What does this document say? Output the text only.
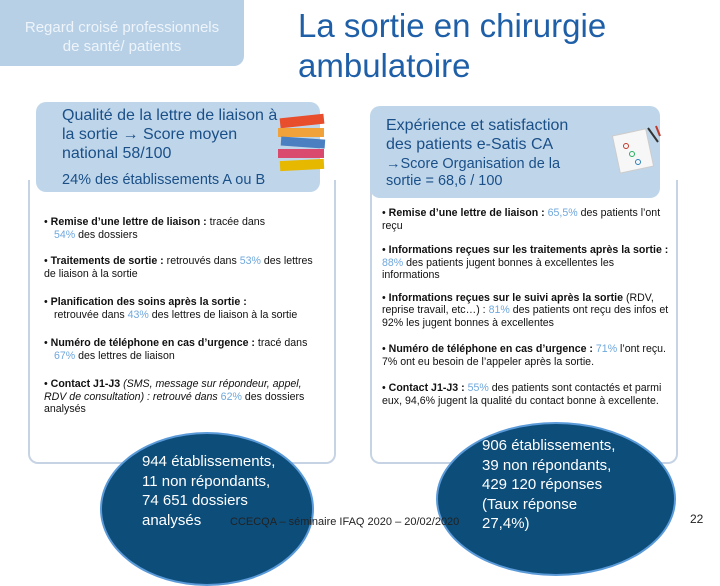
Regard croisé professionnels
de santé/ patients
La sortie en chirurgie
ambulatoire
Qualité de la lettre de liaison à
la sortie → Score moyen
national 58/100
24% des établissements A ou B
• Remise d’une lettre de liaison : tracée dans
54% des dossiers
• Traitements de sortie : retrouvés dans 53% des lettres de liaison à la sortie
• Planification des soins après la sortie :
retrouvée dans 43% des lettres de liaison à la sortie
• Numéro de téléphone en cas d’urgence : tracé dans
67% des lettres de liaison
• Contact J1-J3 (SMS, message sur répondeur, appel, RDV de consultation) : retrouvé dans 62% des dossiers analysés
Expérience et satisfaction
des patients e-Satis CA
→Score Organisation de la
sortie = 68,6 / 100
• Remise d’une lettre de liaison : 65,5% des patients l’ont reçu
• Informations reçues sur les traitements après la sortie : 88% des patients jugent bonnes à excellentes les informations
• Informations reçues sur le suivi après la sortie (RDV, reprise travail, etc…) : 81% des patients ont reçu des infos et 92% les jugent bonnes à excellentes
• Numéro de téléphone en cas d’urgence : 71% l’ont reçu. 7% ont eu besoin de l’appeler après la sortie.
• Contact J1-J3 : 55% des patients sont contactés et parmi eux, 94,6% jugent la qualité du contact bonne à excellente.
944 établissements,
11 non répondants,
74 651 dossiers
analysés
906 établissements,
39 non répondants,
429 120 réponses
(Taux réponse
27,4%)
CCECQA – séminaire IFAQ 2020 – 20/02/2020	22
